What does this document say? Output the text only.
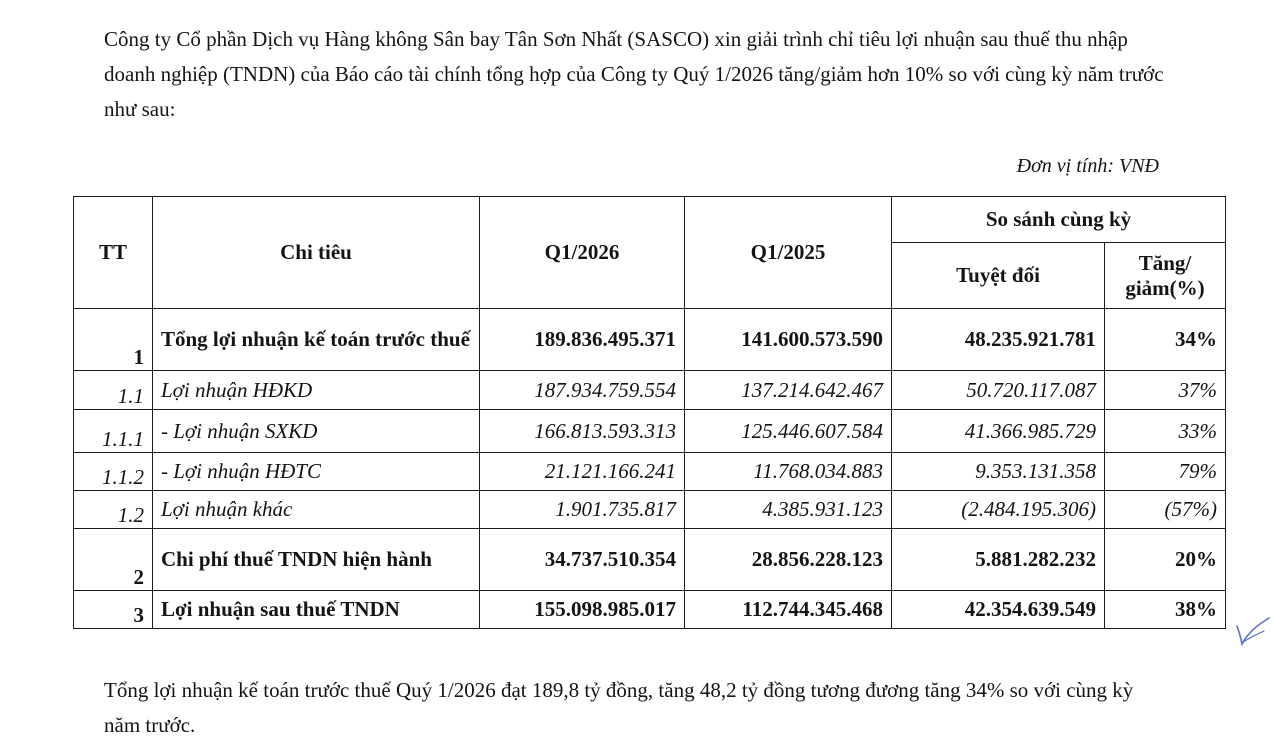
Công ty Cổ phần Dịch vụ Hàng không Sân bay Tân Sơn Nhất (SASCO) xin giải trình chỉ tiêu lợi nhuận sau thuế thu nhập doanh nghiệp (TNDN) của Báo cáo tài chính tổng hợp của Công ty Quý 1/2026 tăng/giảm hơn 10% so với cùng kỳ năm trước như sau:

Đơn vị tính: VNĐ

TT	Chi tiêu	Q1/2026	Q1/2025	So sánh cùng kỳ	
				Tuyệt đối	Tăng/
giảm(%)
1	Tổng lợi nhuận kế toán trước thuế	189.836.495.371	141.600.573.590	48.235.921.781	34%
1.1	Lợi nhuận HĐKD	187.934.759.554	137.214.642.467	50.720.117.087	37%
1.1.1	- Lợi nhuận SXKD	166.813.593.313	125.446.607.584	41.366.985.729	33%
1.1.2	- Lợi nhuận HĐTC	21.121.166.241	11.768.034.883	9.353.131.358	79%
1.2	Lợi nhuận khác	1.901.735.817	4.385.931.123	(2.484.195.306)	(57%)
2	Chi phí thuế TNDN hiện hành	34.737.510.354	28.856.228.123	5.881.282.232	20%
3	Lợi nhuận sau thuế TNDN	155.098.985.017	112.744.345.468	42.354.639.549	38%

Tổng lợi nhuận kế toán trước thuế Quý 1/2026 đạt 189,8 tỷ đồng, tăng 48,2 tỷ đồng tương đương tăng 34% so với cùng kỳ năm trước.
